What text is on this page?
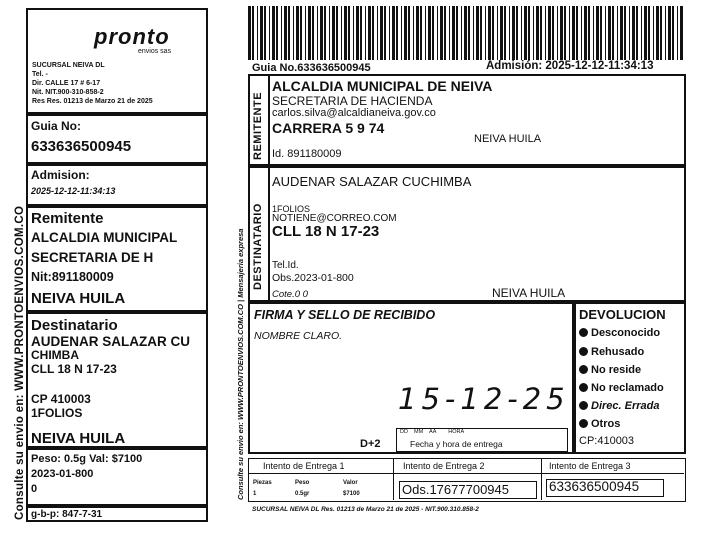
Consulte su envio en: WWW.PRONTOENVIOS.COM.CO
pronto
envios sas
SUCURSAL NEIVA DL
Tel. -
Dir. CALLE 17 # 6-17
Nit. NIT.900-310-858-2
Res Res. 01213 de Marzo 21 de 2025
Guia No:
633636500945
Admision:
2025-12-12-11:34:13
Remitente
ALCALDIA MUNICIPAL
SECRETARIA DE H
Nit:891180009
NEIVA HUILA
Destinatario
AUDENAR SALAZAR CU
CHIMBA
CLL 18 N 17-23
CP 410003
1FOLIOS
NEIVA HUILA
Peso: 0.5g Val: $7100
2023-01-800
0
g-b-p: 847-7-31
Consulte su envio en: WWW.PRONTOENVIOS.COM.CO | Mensajeria expresa
Guia No.633636500945	Admisión: 2025-12-12-11:34:13
REMITENTE
ALCALDIA MUNICIPAL DE NEIVA
SECRETARIA DE HACIENDA
carlos.silva@alcaldianeiva.gov.co
CARRERA 5 9 74
NEIVA HUILA
Id. 891180009
DESTINATARIO
AUDENAR SALAZAR CUCHIMBA
1FOLIOS
NOTIENE@CORREO.COM
CLL 18 N 17-23
Tel.Id.
Obs.2023-01-800
Cote.0 0	NEIVA HUILA
FIRMA Y SELLO DE RECIBIDO
NOMBRE CLARO.
15-12-25
D+2
DD    MM    AA        HORA
Fecha y hora de entrega
DEVOLUCION
Desconocido
Rehusado
No reside
No reclamado
Direc. Errada
Otros
CP:410003
Intento de Entrega 1	Intento de Entrega 2	Intento de Entrega 3
Piezas	Peso	Valor
1	0.5gr	$7100	Ods.17677700945	633636500945
SUCURSAL NEIVA DL Res. 01213 de Marzo 21 de 2025 - NIT.900.310.858-2
